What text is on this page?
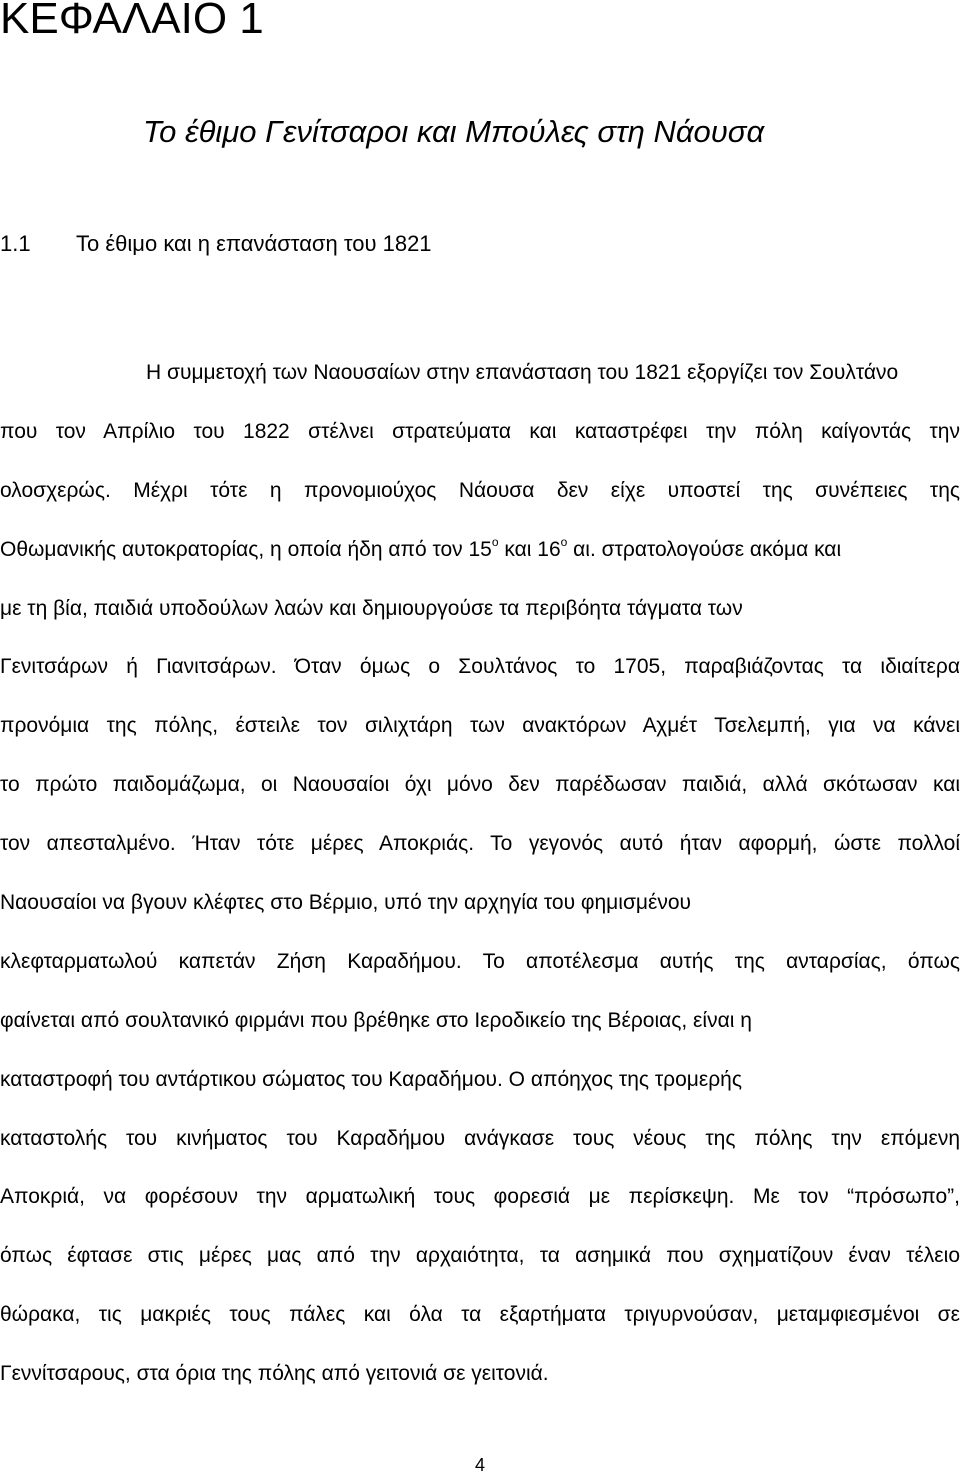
ΚΕΦΑΛΑΙΟ 1
Το έθιμο Γενίτσαροι και Μπούλες στη Νάουσα
1.1 Το έθιμο και η επανάσταση του 1821
Η συμμετοχή των Ναουσαίων στην επανάσταση του 1821 εξοργίζει τον Σουλτάνο
που τον Απρίλιο του 1822 στέλνει στρατεύματα και καταστρέφει την πόλη καίγοντάς την
ολοσχερώς. Μέχρι τότε η προνομιούχος Νάουσα δεν είχε υποστεί της συνέπειες της
Οθωμανικής αυτοκρατορίας, η οποία ήδη από τον $15^o$ και $16^o$ αι. στρατολογούσε ακόμα και
με τη βία, παιδιά υποδούλων λαών και δημιουργούσε τα περιβόητα τάγματα των
Γενιτσάρων ή Γιανιτσάρων. Όταν όμως ο Σουλτάνος το 1705, παραβιάζοντας τα ιδιαίτερα
προνόμια της πόλης, έστειλε τον σιλιχτάρη των ανακτόρων Αχμέτ Τσελεμπή, για να κάνει
το πρώτο παιδομάζωμα, οι Ναουσαίοι όχι μόνο δεν παρέδωσαν παιδιά, αλλά σκότωσαν και
τον απεσταλμένο. Ήταν τότε μέρες Αποκριάς. Το γεγονός αυτό ήταν αφορμή, ώστε πολλοί
Ναουσαίοι να βγουν κλέφτες στο Βέρμιο, υπό την αρχηγία του φημισμένου
κλεφταρματωλού καπετάν Ζήση Καραδήμου. Το αποτέλεσμα αυτής της ανταρσίας, όπως
φαίνεται από σουλτανικό φιρμάνι που βρέθηκε στο Ιεροδικείο της Βέροιας, είναι η
καταστροφή του αντάρτικου σώματος του Καραδήμου. Ο απόηχος της τρομερής
καταστολής του κινήματος του Καραδήμου ανάγκασε τους νέους της πόλης την επόμενη
Αποκριά, να φορέσουν την αρματωλική τους φορεσιά με περίσκεψη. Με τον “πρόσωπο”,
όπως έφτασε στις μέρες μας από την αρχαιότητα, τα ασημικά που σχηματίζουν έναν τέλειο
θώρακα, τις μακριές τους πάλες και όλα τα εξαρτήματα τριγυρνούσαν, μεταμφιεσμένοι σε
Γεννίτσαρους, στα όρια της πόλης από γειτονιά σε γειτονιά.
4
